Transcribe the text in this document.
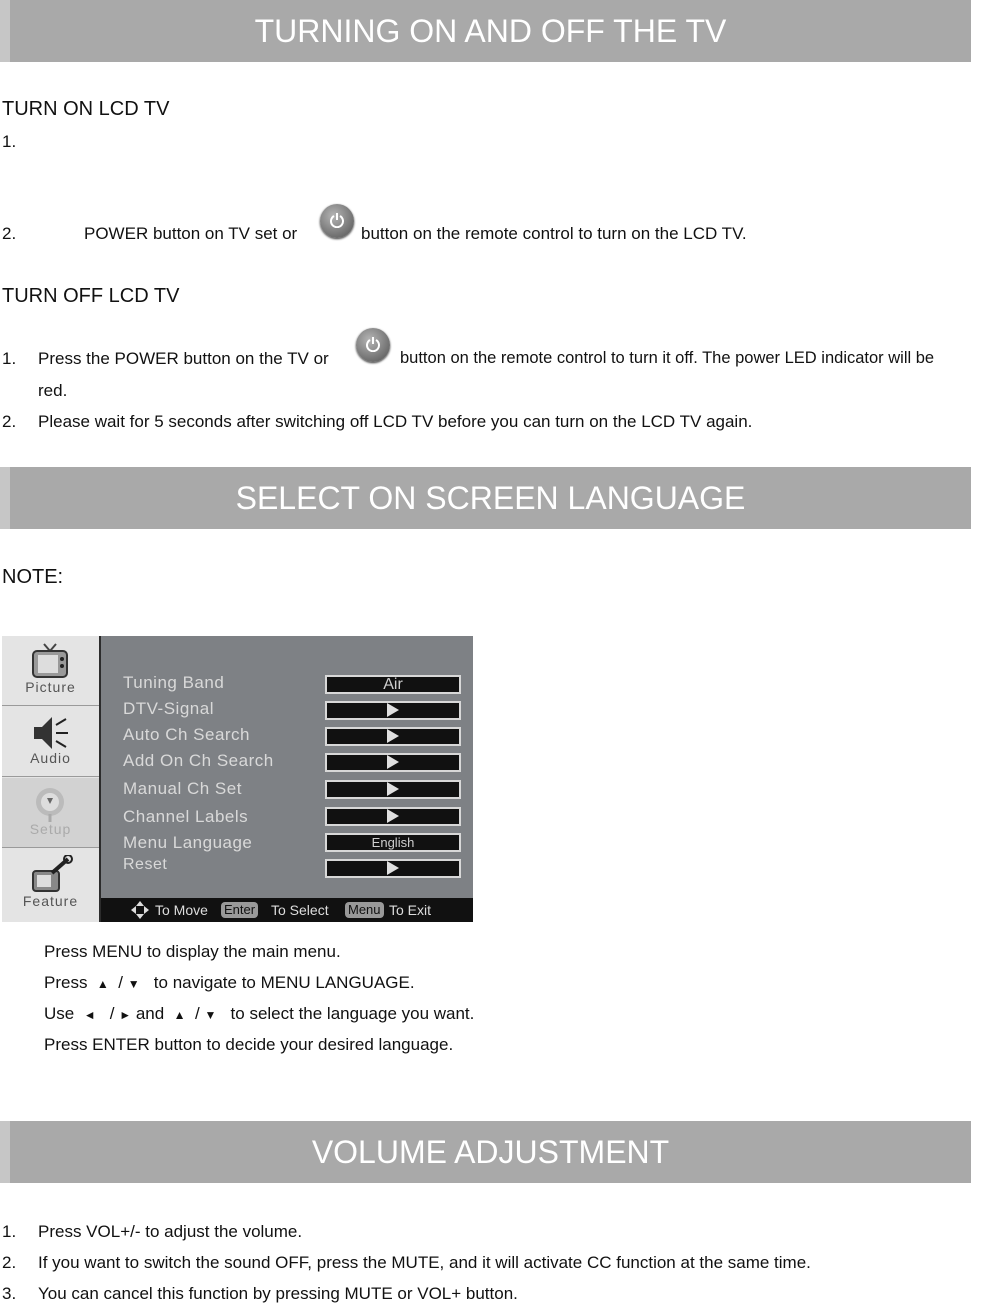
TURNING ON AND OFF THE TV
TURN ON LCD TV
1.
2.	POWER button on TV set or	button on the remote control to turn on the LCD TV.
TURN OFF LCD TV
1. Press the POWER button on the TV or	button on the remote control to turn it off. The power LED indicator will be
red.
2. Please wait for 5 seconds after switching off LCD TV before you can turn on the LCD TV again.
SELECT ON SCREEN LANGUAGE
NOTE:
Picture
Audio
Setup
Feature
Tuning Band	Air
DTV-Signal
Auto Ch Search
Add On Ch Search
Manual Ch Set
Channel Labels
Menu Language	English
Reset
To Move Enter To Select Menu To Exit
Press MENU to display the main menu.
Press ▲ / ▼ to navigate to MENU LANGUAGE.
Use ◄ / ► and ▲ / ▼ to select the language you want.
Press ENTER button to decide your desired language.
VOLUME ADJUSTMENT
1. Press VOL+/- to adjust the volume.
2. If you want to switch the sound OFF, press the MUTE, and it will activate CC function at the same time.
3. You can cancel this function by pressing MUTE or VOL+ button.
